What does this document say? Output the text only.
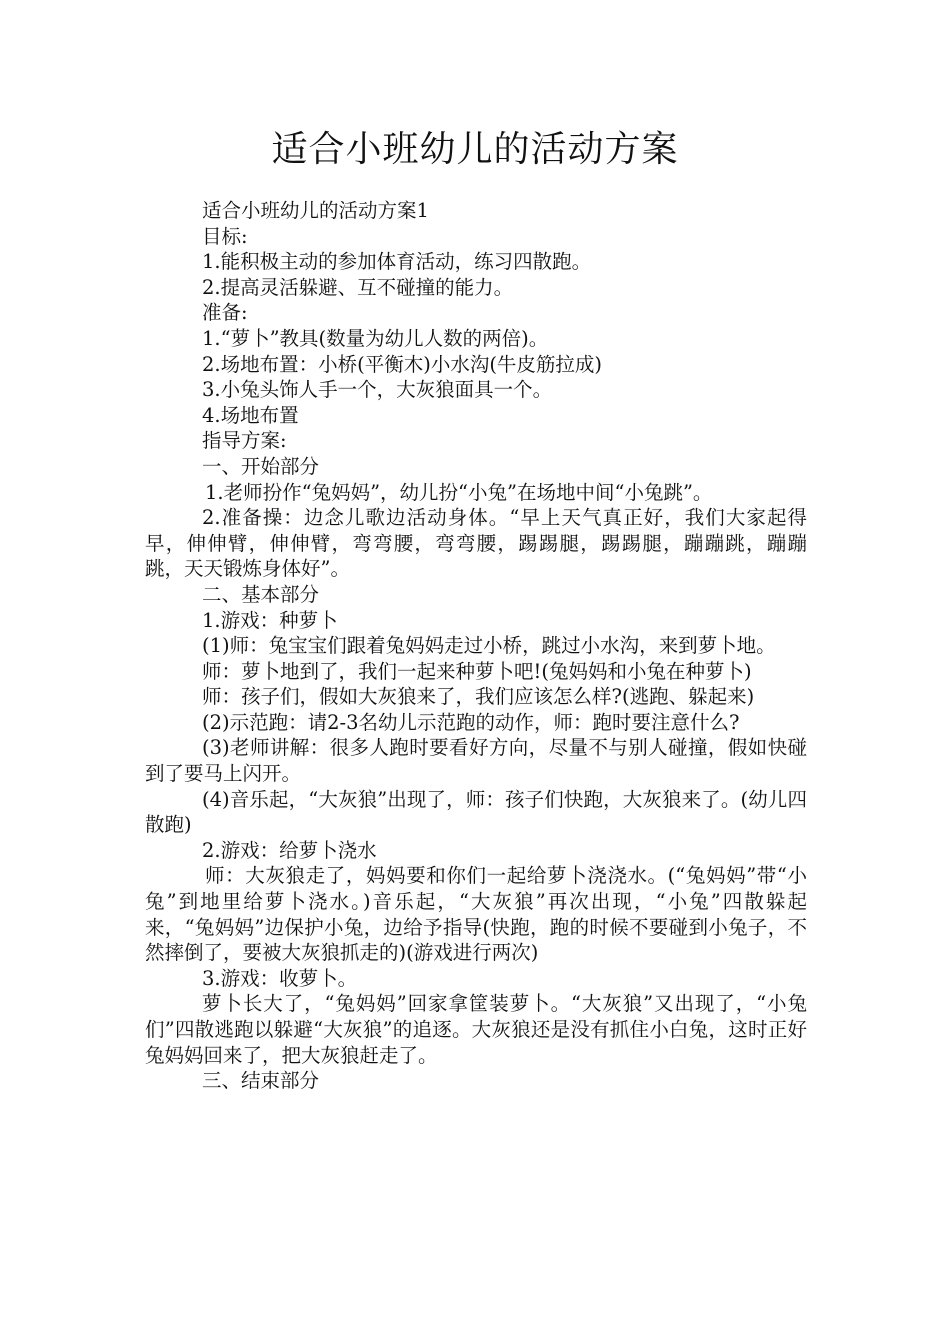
适合小班幼儿的活动方案

适合小班幼儿的活动方案1

目标:

1.能积极主动的参加体育活动，练习四散跑。

2.提高灵活躲避、互不碰撞的能力。

准备:

1.“萝卜”教具(数量为幼儿人数的两倍)。

2.场地布置：小桥(平衡木)小水沟(牛皮筋拉成)

3.小兔头饰人手一个，大灰狼面具一个。

4.场地布置

指导方案:

一、开始部分

1.老师扮作“兔妈妈”，幼儿扮“小兔”在场地中间“小兔跳”。

2.准备操：边念儿歌边活动身体。“早上天气真正好，我们大家起得早，伸伸臂，伸伸臂，弯弯腰，弯弯腰，踢踢腿，踢踢腿，蹦蹦跳，蹦蹦跳，天天锻炼身体好”。

二、基本部分

1.游戏：种萝卜

(1)师：兔宝宝们跟着兔妈妈走过小桥，跳过小水沟，来到萝卜地。

师：萝卜地到了，我们一起来种萝卜吧!(兔妈妈和小兔在种萝卜)

师：孩子们，假如大灰狼来了，我们应该怎么样?(逃跑、躲起来)

(2)示范跑：请2-3名幼儿示范跑的动作，师：跑时要注意什么?

(3)老师讲解：很多人跑时要看好方向，尽量不与别人碰撞，假如快碰到了要马上闪开。

(4)音乐起，“大灰狼”出现了，师：孩子们快跑，大灰狼来了。(幼儿四散跑)

2.游戏：给萝卜浇水

师：大灰狼走了，妈妈要和你们一起给萝卜浇浇水。(“兔妈妈”带“小兔”到地里给萝卜浇水。)音乐起，“大灰狼”再次出现，“小兔”四散躲起来，“兔妈妈”边保护小兔，边给予指导(快跑，跑的时候不要碰到小兔子，不然摔倒了，要被大灰狼抓走的)(游戏进行两次)

3.游戏：收萝卜。

萝卜长大了，“兔妈妈”回家拿筐装萝卜。“大灰狼”又出现了，“小兔们”四散逃跑以躲避“大灰狼”的追逐。大灰狼还是没有抓住小白兔，这时正好兔妈妈回来了，把大灰狼赶走了。

三、结束部分
